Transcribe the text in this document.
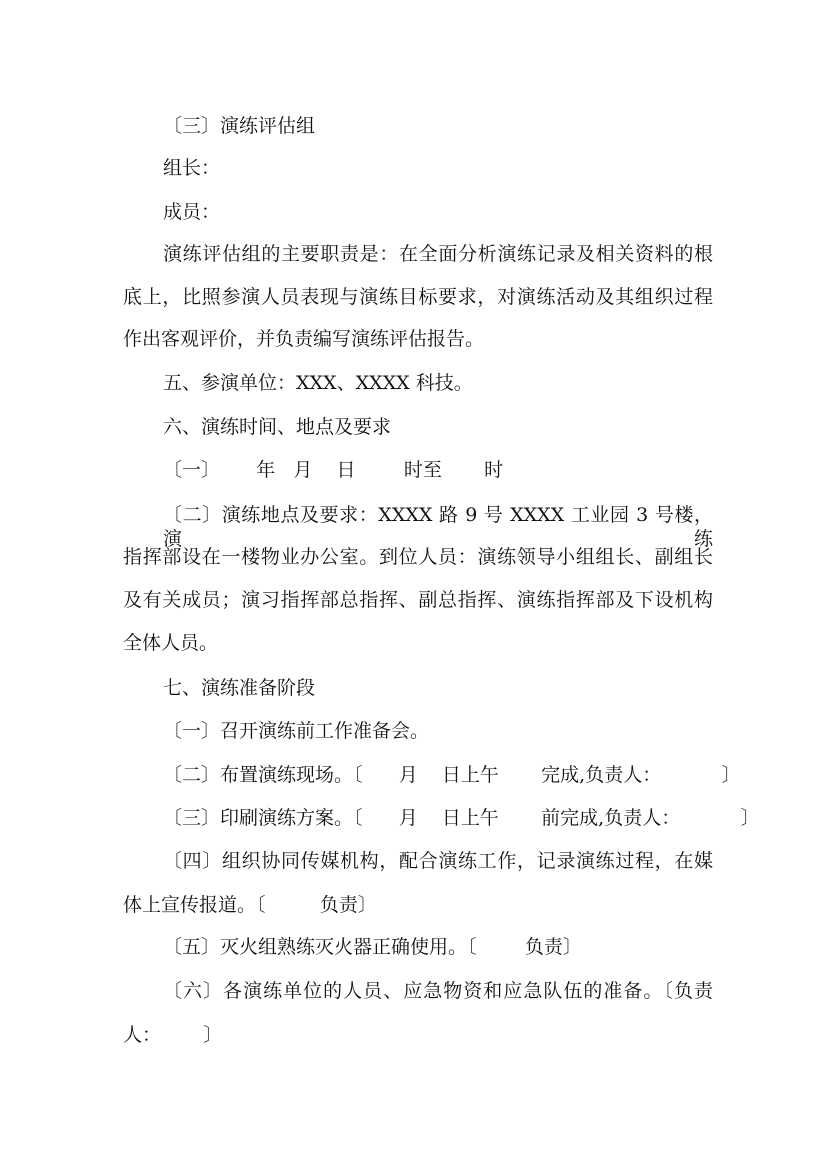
〔三〕演练评估组
组长：
成员：
演练评估组的主要职责是：在全面分析演练记录及相关资料的根
底上，比照参演人员表现与演练目标要求，对演练活动及其组织过程
作出客观评价，并负责编写演练评估报告。
五、参演单位：XXX、XXXX 科技。
六、演练时间、地点及要求
〔一〕      年   月    日        时至       时
〔二〕演练地点及要求：XXXX 路 9 号 XXXX 工业园 3 号楼，演练
指挥部设在一楼物业办公室。到位人员：演练领导小组组长、副组长
及有关成员；演习指挥部总指挥、副总指挥、演练指挥部及下设机构
全体人员。
七、演练准备阶段
〔一〕召开演练前工作准备会。
〔二〕布置演练现场。〔      月    日上午       完成,负责人：          〕
〔三〕印刷演练方案。〔      月    日上午       前完成,负责人：          〕
〔四〕组织协同传媒机构，配合演练工作，记录演练过程，在媒
体上宣传报道。〔         负责〕
〔五〕灭火组熟练灭火器正确使用。〔        负责〕
〔六〕各演练单位的人员、应急物资和应急队伍的准备。〔负责
人：       〕
